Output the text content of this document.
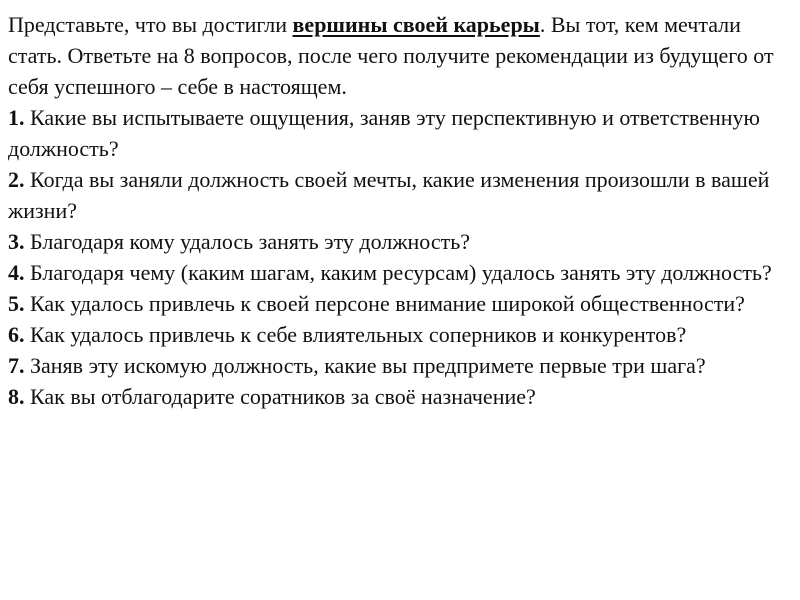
Представьте, что вы достигли вершины своей карьеры. Вы тот, кем мечтали стать. Ответьте на 8 вопросов, после чего получите рекомендации из будущего от себя успешного – себе в настоящем.

1. Какие вы испытываете ощущения, заняв эту перспективную и ответственную должность?

2. Когда вы заняли должность своей мечты, какие изменения произошли в вашей жизни?

3. Благодаря кому удалось занять эту должность?

4. Благодаря чему (каким шагам, каким ресурсам) удалось занять эту должность?

5. Как удалось привлечь к своей персоне внимание широкой общественности?

6. Как удалось привлечь к себе влиятельных соперников и конкурентов?

7. Заняв эту искомую должность, какие вы предпримете первые три шага?

8. Как вы отблагодарите соратников за своё назначение?
